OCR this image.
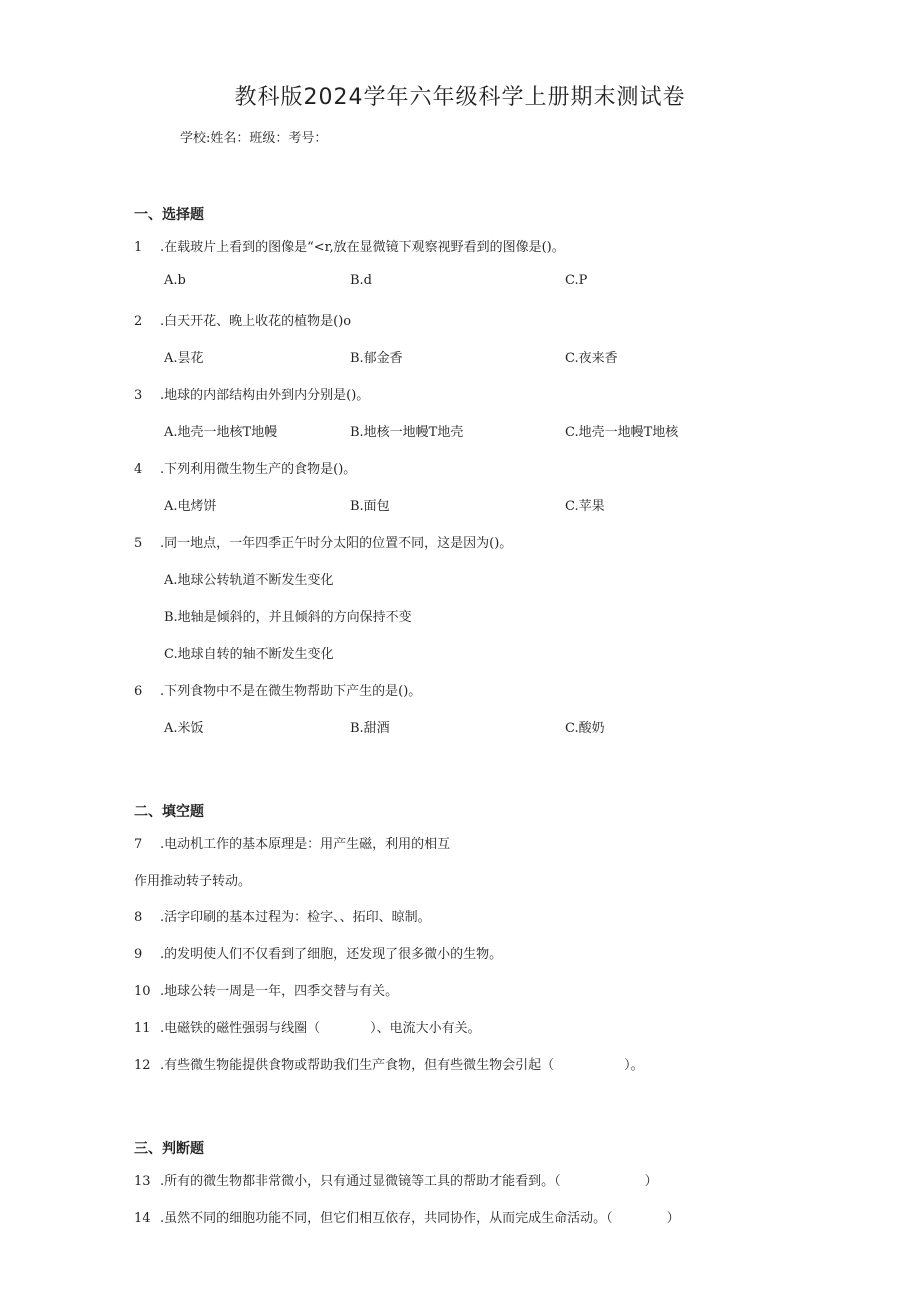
教科版2024学年六年级科学上册期末测试卷
学校:姓名：班级：考号：
一、选择题
1 .在载玻片上看到的图像是“<r,放在显微镜下观察视野看到的图像是()。
A.b	B.d	C.P
2 .白天开花、晚上收花的植物是()o
A.昙花	B.郁金香	C.夜来香
3 .地球的内部结构由外到内分别是()。
A.地壳一地核T地幔	B.地核一地幔T地壳	C.地壳一地幔T地核
4 .下列利用微生物生产的食物是()。
A.电烤饼	B.面包	C.苹果
5 .同一地点，一年四季正午时分太阳的位置不同，这是因为()。
A.地球公转轨道不断发生变化
B.地轴是倾斜的，并且倾斜的方向保持不变
C.地球自转的轴不断发生变化
6 .下列食物中不是在微生物帮助下产生的是()。
A.米饭	B.甜酒	C.酸奶
二、填空题
7 .电动机工作的基本原理是：用产生磁，利用的相互
作用推动转子转动。
8 .活字印刷的基本过程为：检字、、拓印、晾制。
9 .的发明使人们不仅看到了细胞，还发现了很多微小的生物。
10 .地球公转一周是一年，四季交替与有关。
11 .电磁铁的磁性强弱与线圈（	）、电流大小有关。
12 .有些微生物能提供食物或帮助我们生产食物，但有些微生物会引起（	）。
三、判断题
13 .所有的微生物都非常微小，只有通过显微镜等工具的帮助才能看到。（	）
14 .虽然不同的细胞功能不同，但它们相互依存，共同协作，从而完成生命活动。（	）
